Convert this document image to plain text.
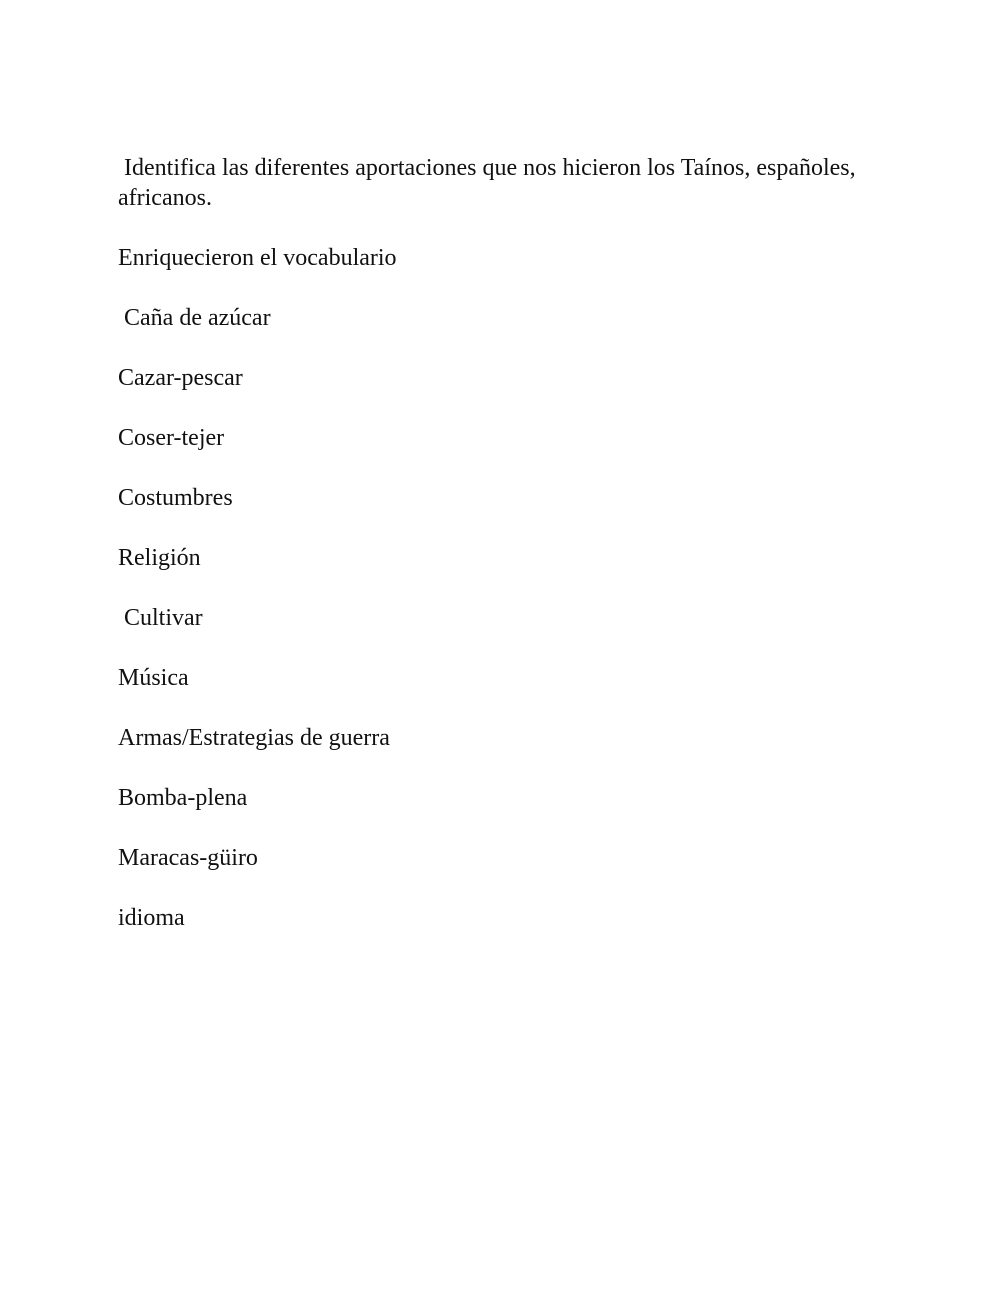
Identifica las diferentes aportaciones que nos hicieron los Taínos, españoles, africanos.

Enriquecieron el vocabulario
Caña de azúcar
Cazar-pescar
Coser-tejer
Costumbres
Religión
Cultivar
Música
Armas/Estrategias de guerra
Bomba-plena
Maracas-güiro
idioma
